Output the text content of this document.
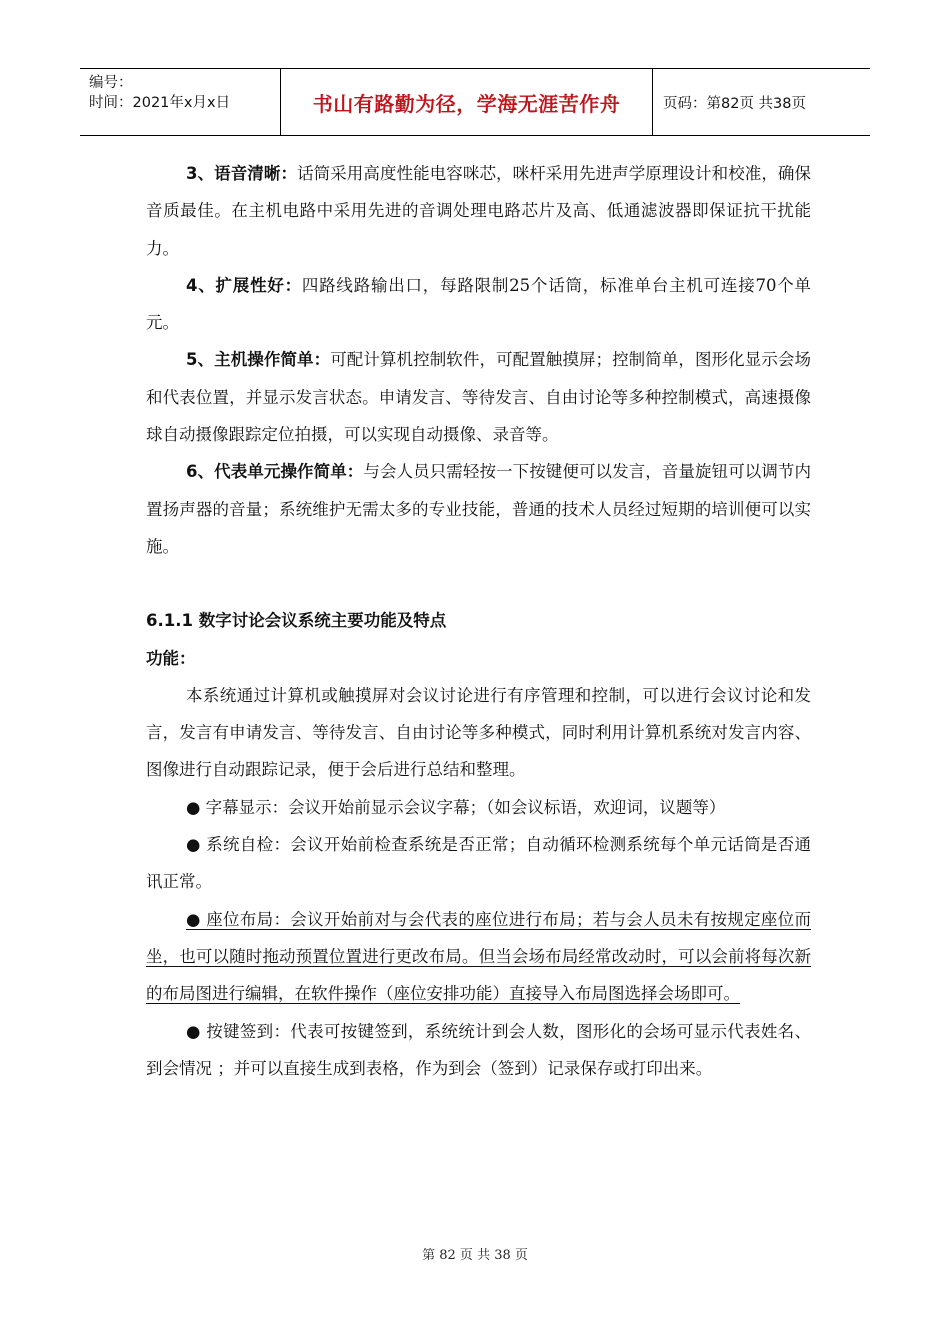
编号：
时间：2021年x月x日	书山有路勤为径，学海无涯苦作舟	页码：第82页 共38页

3、语音清晰：话筒采用高度性能电容咪芯，咪杆采用先进声学原理设计和校准，确保音质最佳。在主机电路中采用先进的音调处理电路芯片及高、低通滤波器即保证抗干扰能力。

4、扩展性好：四路线路输出口，每路限制25个话筒，标准单台主机可连接70个单元。

5、主机操作简单：可配计算机控制软件，可配置触摸屏；控制简单，图形化显示会场和代表位置，并显示发言状态。申请发言、等待发言、自由讨论等多种控制模式，高速摄像球自动摄像跟踪定位拍摄，可以实现自动摄像、录音等。

6、代表单元操作简单：与会人员只需轻按一下按键便可以发言，音量旋钮可以调节内置扬声器的音量；系统维护无需太多的专业技能，普通的技术人员经过短期的培训便可以实施。

6.1.1 数字讨论会议系统主要功能及特点

功能：

本系统通过计算机或触摸屏对会议讨论进行有序管理和控制，可以进行会议讨论和发言，发言有申请发言、等待发言、自由讨论等多种模式，同时利用计算机系统对发言内容、图像进行自动跟踪记录，便于会后进行总结和整理。

● 字幕显示：会议开始前显示会议字幕；（如会议标语，欢迎词，议题等）

● 系统自检：会议开始前检查系统是否正常；自动循环检测系统每个单元话筒是否通讯正常。

● 座位布局：会议开始前对与会代表的座位进行布局；若与会人员未有按规定座位而坐，也可以随时拖动预置位置进行更改布局。但当会场布局经常改动时，可以会前将每次新的布局图进行编辑，在软件操作（座位安排功能）直接导入布局图选择会场即可。

● 按键签到：代表可按键签到，系统统计到会人数，图形化的会场可显示代表姓名、 到会情况 ；并可以直接生成到表格，作为到会（签到）记录保存或打印出来。

第 82 页 共 38 页
